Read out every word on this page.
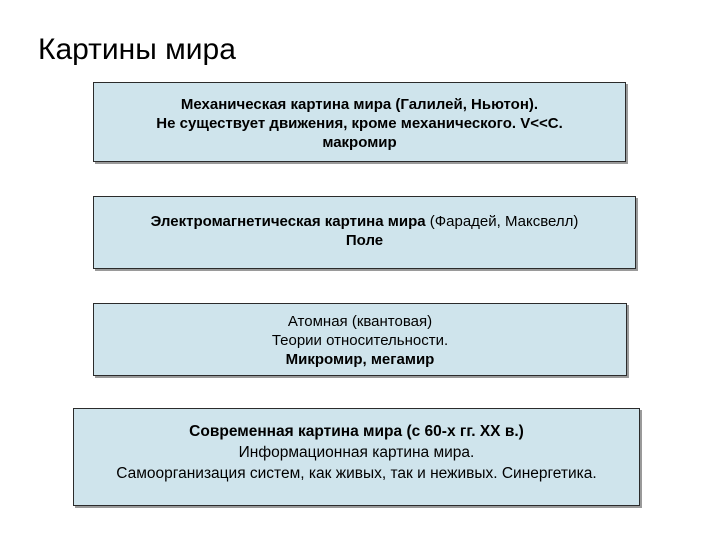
Картины мира
Механическая картина мира (Галилей, Ньютон).
Не существует движения, кроме механического. V<<C.
макромир
Электромагнетическая картина мира (Фарадей, Максвелл)
Поле
Атомная (квантовая)
Теории относительности.
Микромир, мегамир
Современная картина мира (с 60-х гг. XX в.)
Информационная картина мира.
Самоорганизация систем, как живых, так и неживых. Синергетика.
